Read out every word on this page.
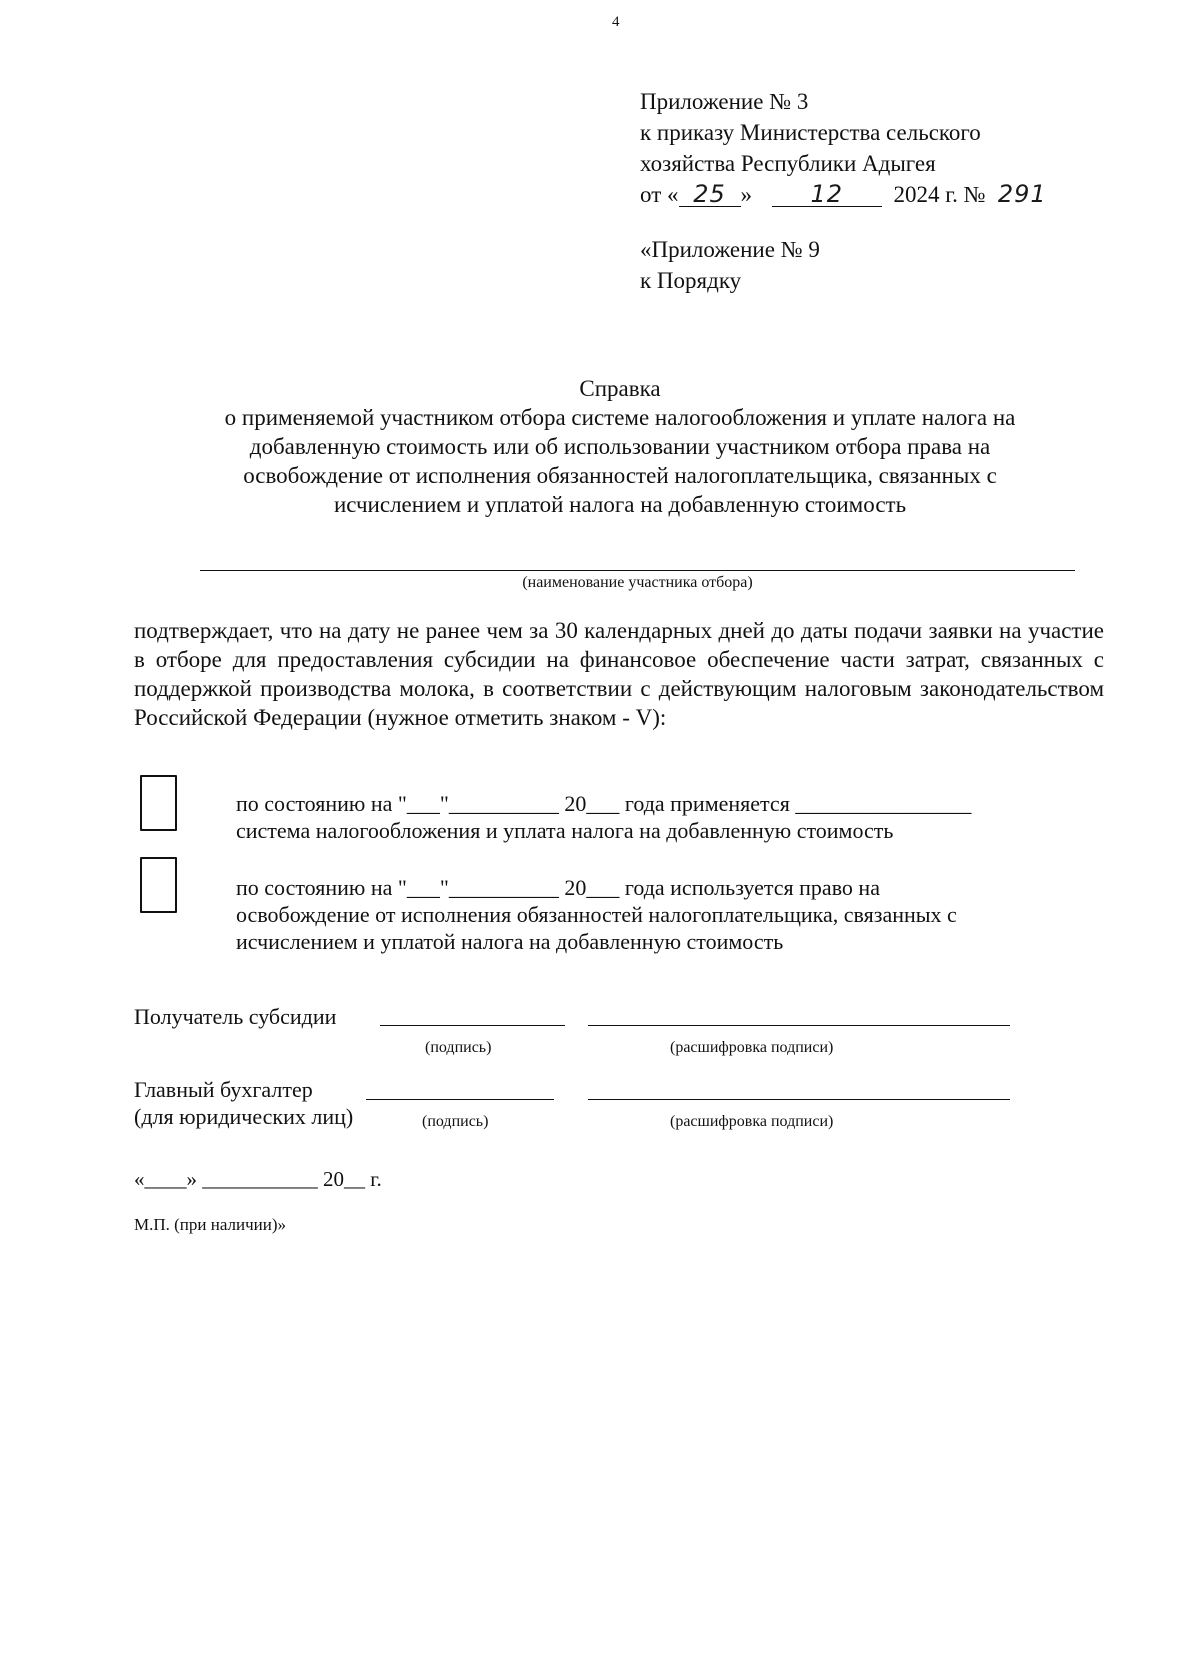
4
Приложение № 3
к приказу Министерства сельского
хозяйства Республики Адыгея
от « 25 » 12 2024 г. № 291
«Приложение № 9
к Порядку
Справка
о применяемой участником отбора системе налогообложения и уплате налога на
добавленную стоимость или об использовании участником отбора права на
освобождение от исполнения обязанностей налогоплательщика, связанных с
исчислением и уплатой налога на добавленную стоимость
(наименование участника отбора)
подтверждает, что на дату не ранее чем за 30 календарных дней до даты подачи заявки на участие в отборе для предоставления субсидии на финансовое обеспечение части затрат, связанных с поддержкой производства молока, в соответствии с действующим налоговым законодательством Российской Федерации (нужное отметить знаком - V):
по состоянию на "___"__________ 20___ года применяется ________________
система налогообложения и уплата налога на добавленную стоимость
по состоянию на "___"__________ 20___ года используется право на
освобождение от исполнения обязанностей налогоплательщика, связанных с
исчислением и уплатой налога на добавленную стоимость
Получатель субсидии
(подпись)	(расшифровка подписи)
Главный бухгалтер
(для юридических лиц)	(подпись)	(расшифровка подписи)
«____» ___________ 20__ г.
М.П. (при наличии)»
